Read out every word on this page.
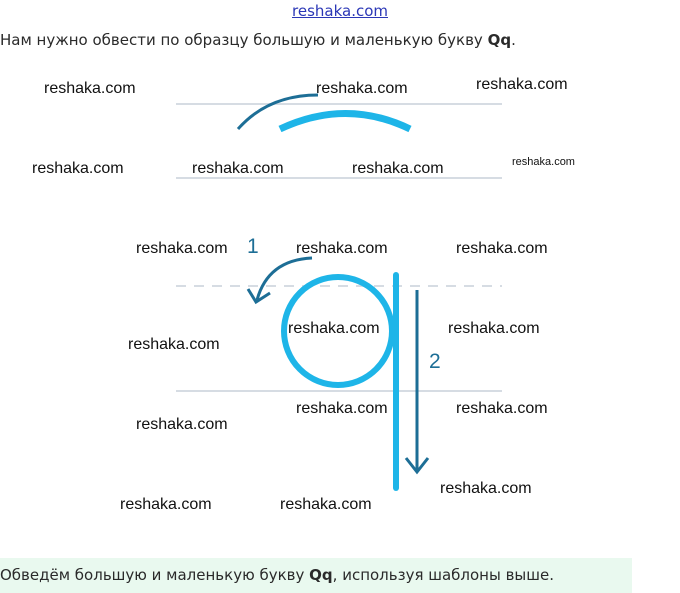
reshaka.com
Нам нужно обвести по образцу большую и маленькую букву Qq.
1
2
reshaka.com	reshaka.com	reshaka.com
reshaka.com	reshaka.com	reshaka.com	reshaka.com
reshaka.com	reshaka.com	reshaka.com
reshaka.com	reshaka.com
reshaka.com
reshaka.com	reshaka.com
reshaka.com
reshaka.com
reshaka.com	reshaka.com
Обведём большую и маленькую букву Qq, используя шаблоны выше.
